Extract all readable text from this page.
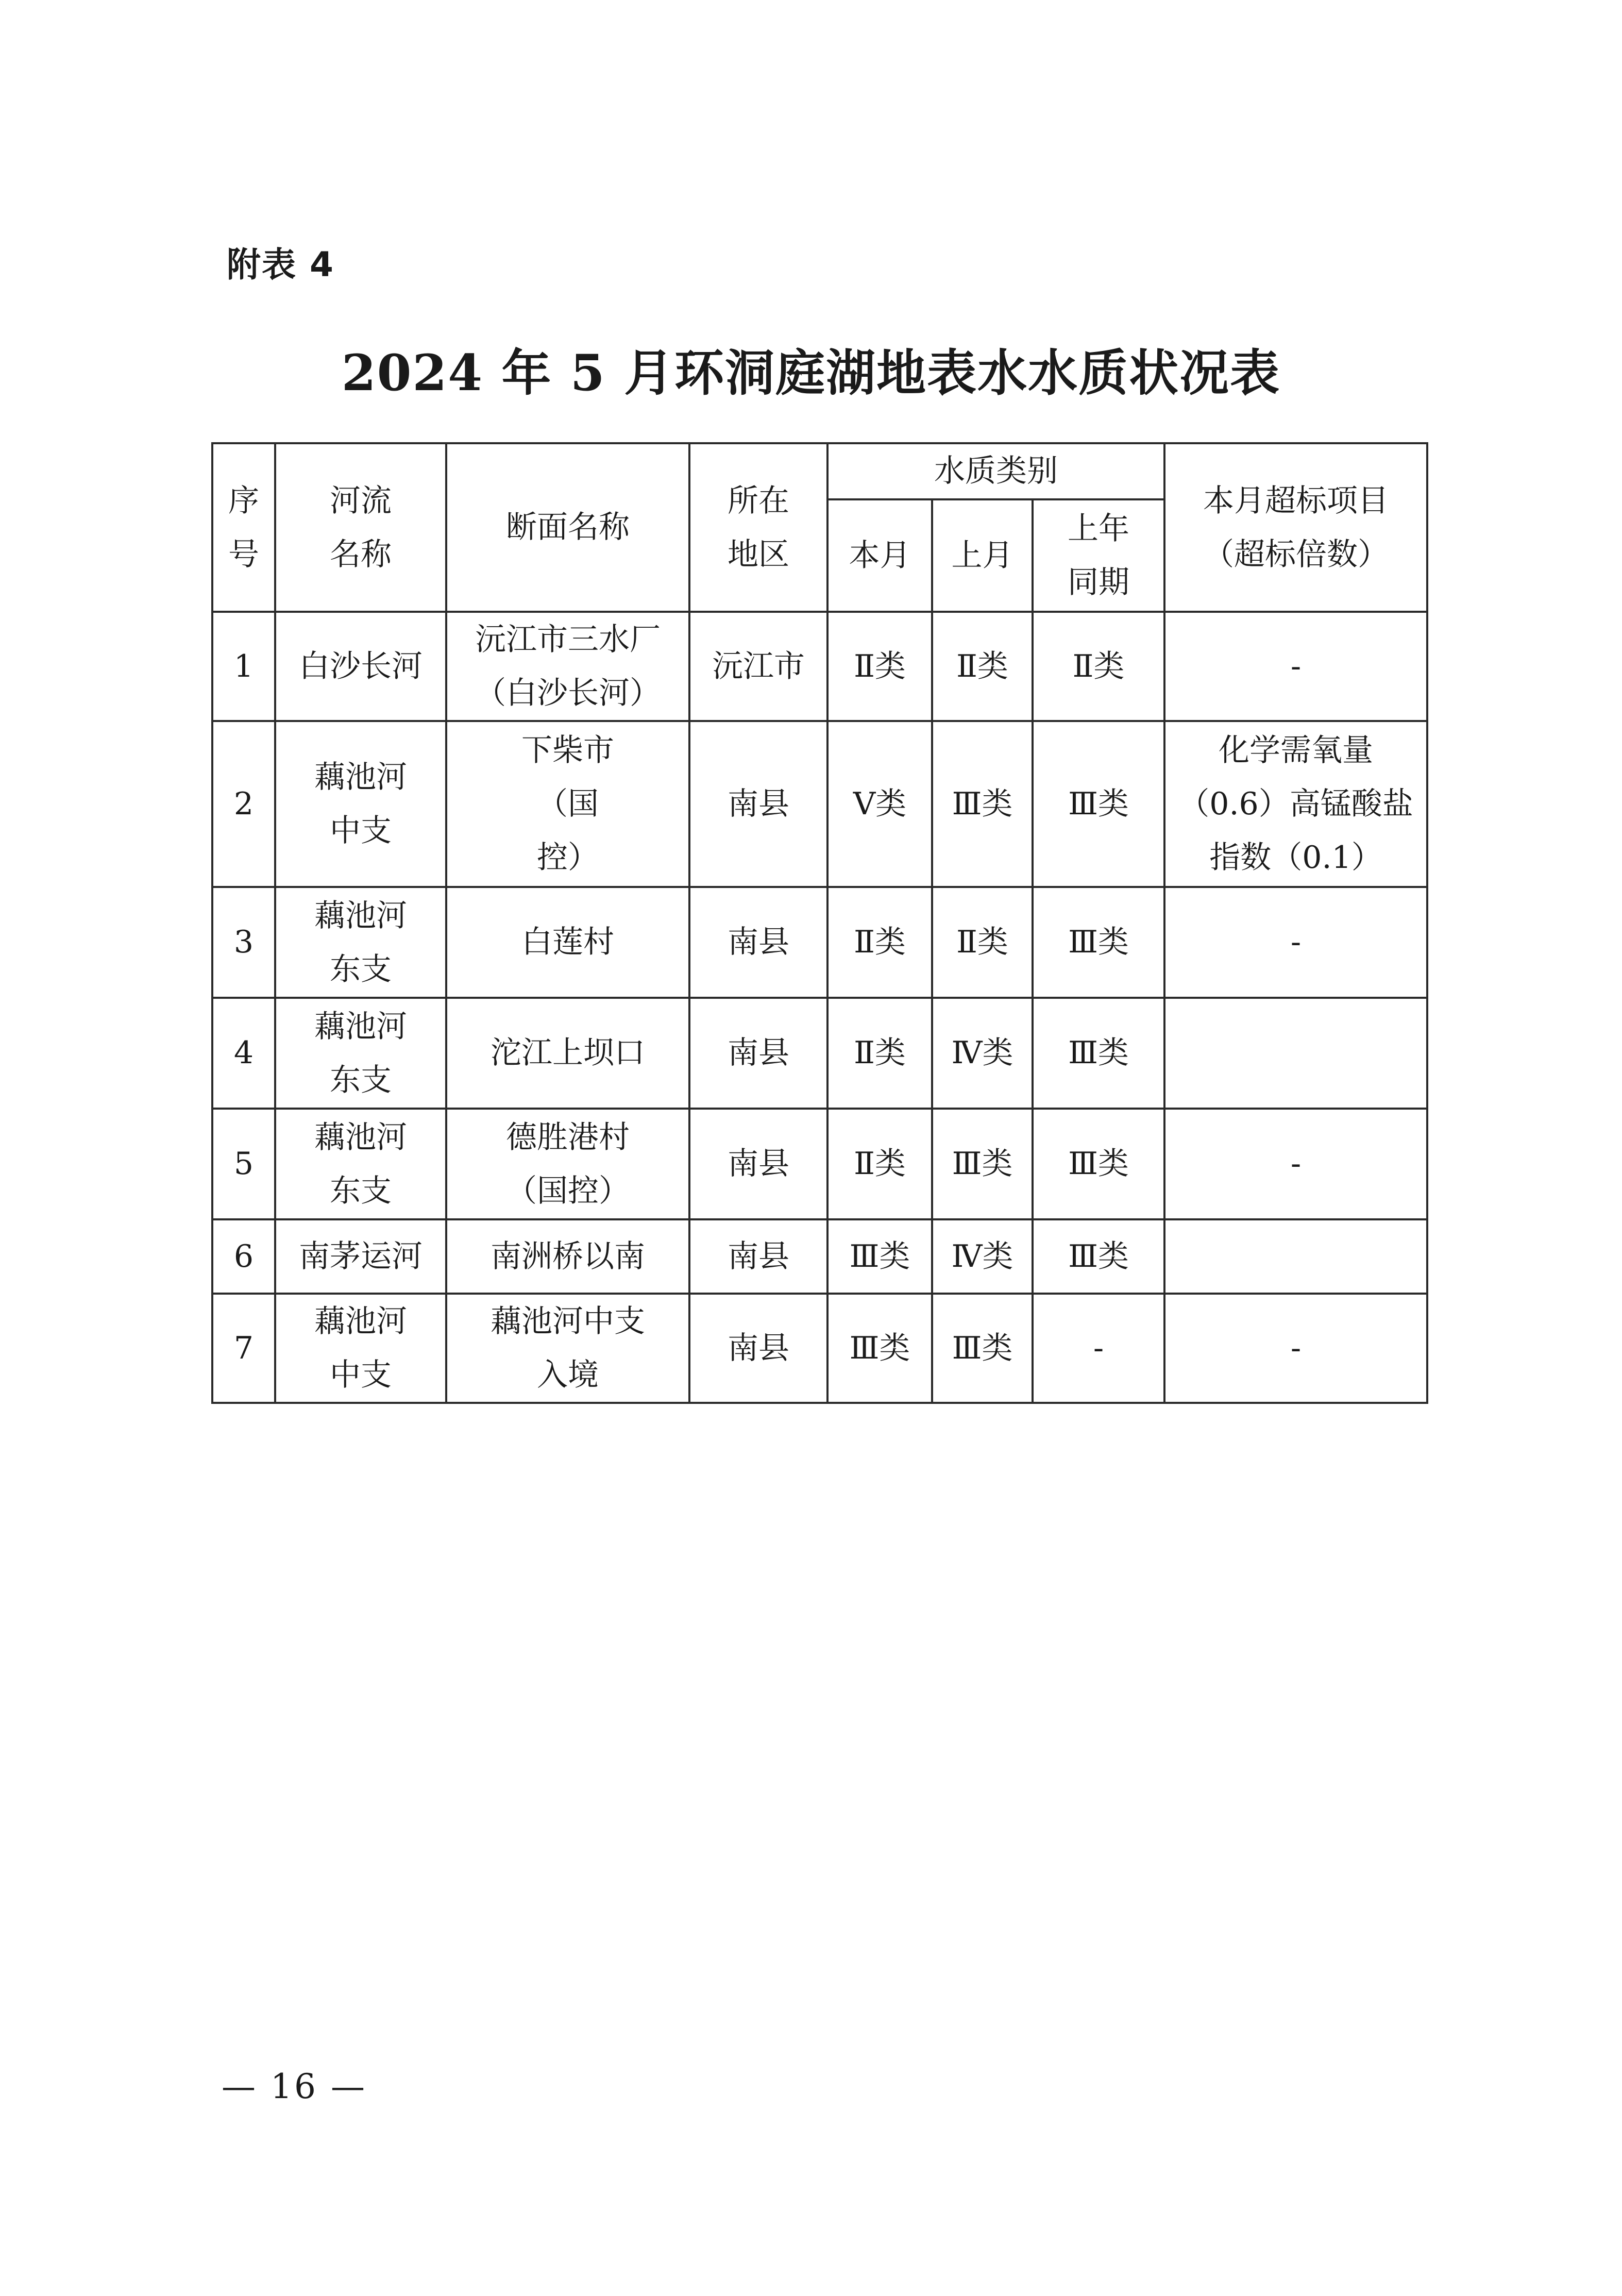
附表 4
2024 年 5 月环洞庭湖地表水水质状况表
序号	河流名称	断面名称	所在地区	水质类别			本月超标项目（超标倍数）

				本月	上月	上年同期	

1	白沙长河	沅江市三水厂（白沙长河）	沅江市	Ⅱ类	Ⅱ类	Ⅱ类	-
2	藕池河中支	下柴市（国控）	南县	Ⅴ类	Ⅲ类	Ⅲ类	化学需氧量（0.6）高锰酸盐指数（0.1）

3	藕池河东支	白莲村	南县	Ⅱ类	Ⅱ类	Ⅲ类	-
4	藕池河东支	沱江上坝口	南县	Ⅱ类	Ⅳ类	Ⅲ类	
5	藕池河东支	德胜港村（国控）	南县	Ⅱ类	Ⅲ类	Ⅲ类	-
6	南茅运河	南洲桥以南	南县	Ⅲ类	Ⅳ类	Ⅲ类	
7	藕池河中支	藕池河中支入境	南县	Ⅲ类	Ⅲ类	-	-
— 16 —
